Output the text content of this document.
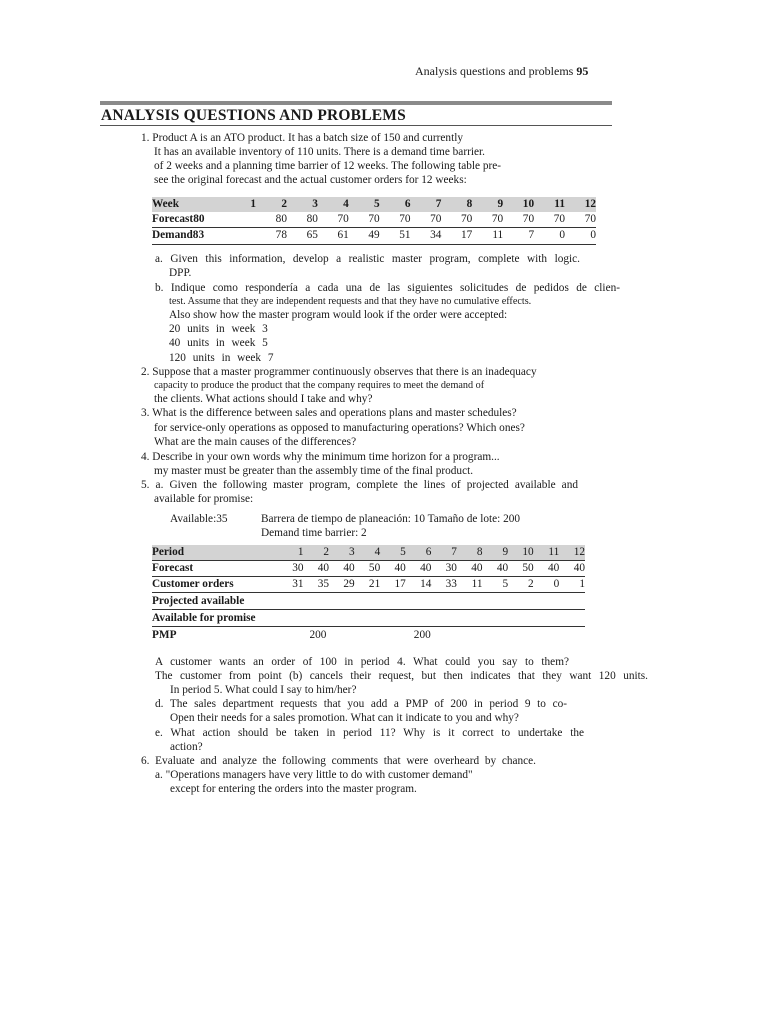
Analysis questions and problems 95
ANALYSIS QUESTIONS AND PROBLEMS
1. Product A is an ATO product. It has a batch size of 150 and currently
It has an available inventory of 110 units. There is a demand time barrier.
of 2 weeks and a planning time barrier of 12 weeks. The following table pre-
see the original forecast and the actual customer orders for 12 weeks:
Week	1	2	3	4	5	6	7	8	9	10	11	12
Forecast80		80	80	70	70	70	70	70	70	70	70	70
Demand83		78	65	61	49	51	34	17	11	7	0	0
a. Given this information, develop a realistic master program, complete with logic.
DPP.
b. Indique como respondería a cada una de las siguientes solicitudes de pedidos de clien-
test. Assume that they are independent requests and that they have no cumulative effects.
Also show how the master program would look if the order were accepted:
20 units in week 3
40 units in week 5
120 units in week 7
2. Suppose that a master programmer continuously observes that there is an inadequacy
capacity to produce the product that the company requires to meet the demand of
the clients. What actions should I take and why?
3. What is the difference between sales and operations plans and master schedules?
for service-only operations as opposed to manufacturing operations? Which ones?
What are the main causes of the differences?
4. Describe in your own words why the minimum time horizon for a program...
my master must be greater than the assembly time of the final product.
5. a. Given the following master program, complete the lines of projected available and
available for promise:
Available:35	Barrera de tiempo de planeación: 10 Tamaño de lote: 200
Demand time barrier: 2
Period	1	2	3	4	5	6	7	8	9	10	11	12
Forecast	30	40	40	50	40	40	30	40	40	50	40	40
Customer orders	31	35	29	21	17	14	33	11	5	2	0	1
Projected available												
Available for promise												
PMP		200				200						
A customer wants an order of 100 in period 4. What could you say to them?
The customer from point (b) cancels their request, but then indicates that they want 120 units.
In period 5. What could I say to him/her?
d. The sales department requests that you add a PMP of 200 in period 9 to co-
Open their needs for a sales promotion. What can it indicate to you and why?
e. What action should be taken in period 11? Why is it correct to undertake the
action?
6. Evaluate and analyze the following comments that were overheard by chance.
a. "Operations managers have very little to do with customer demand"
except for entering the orders into the master program.
